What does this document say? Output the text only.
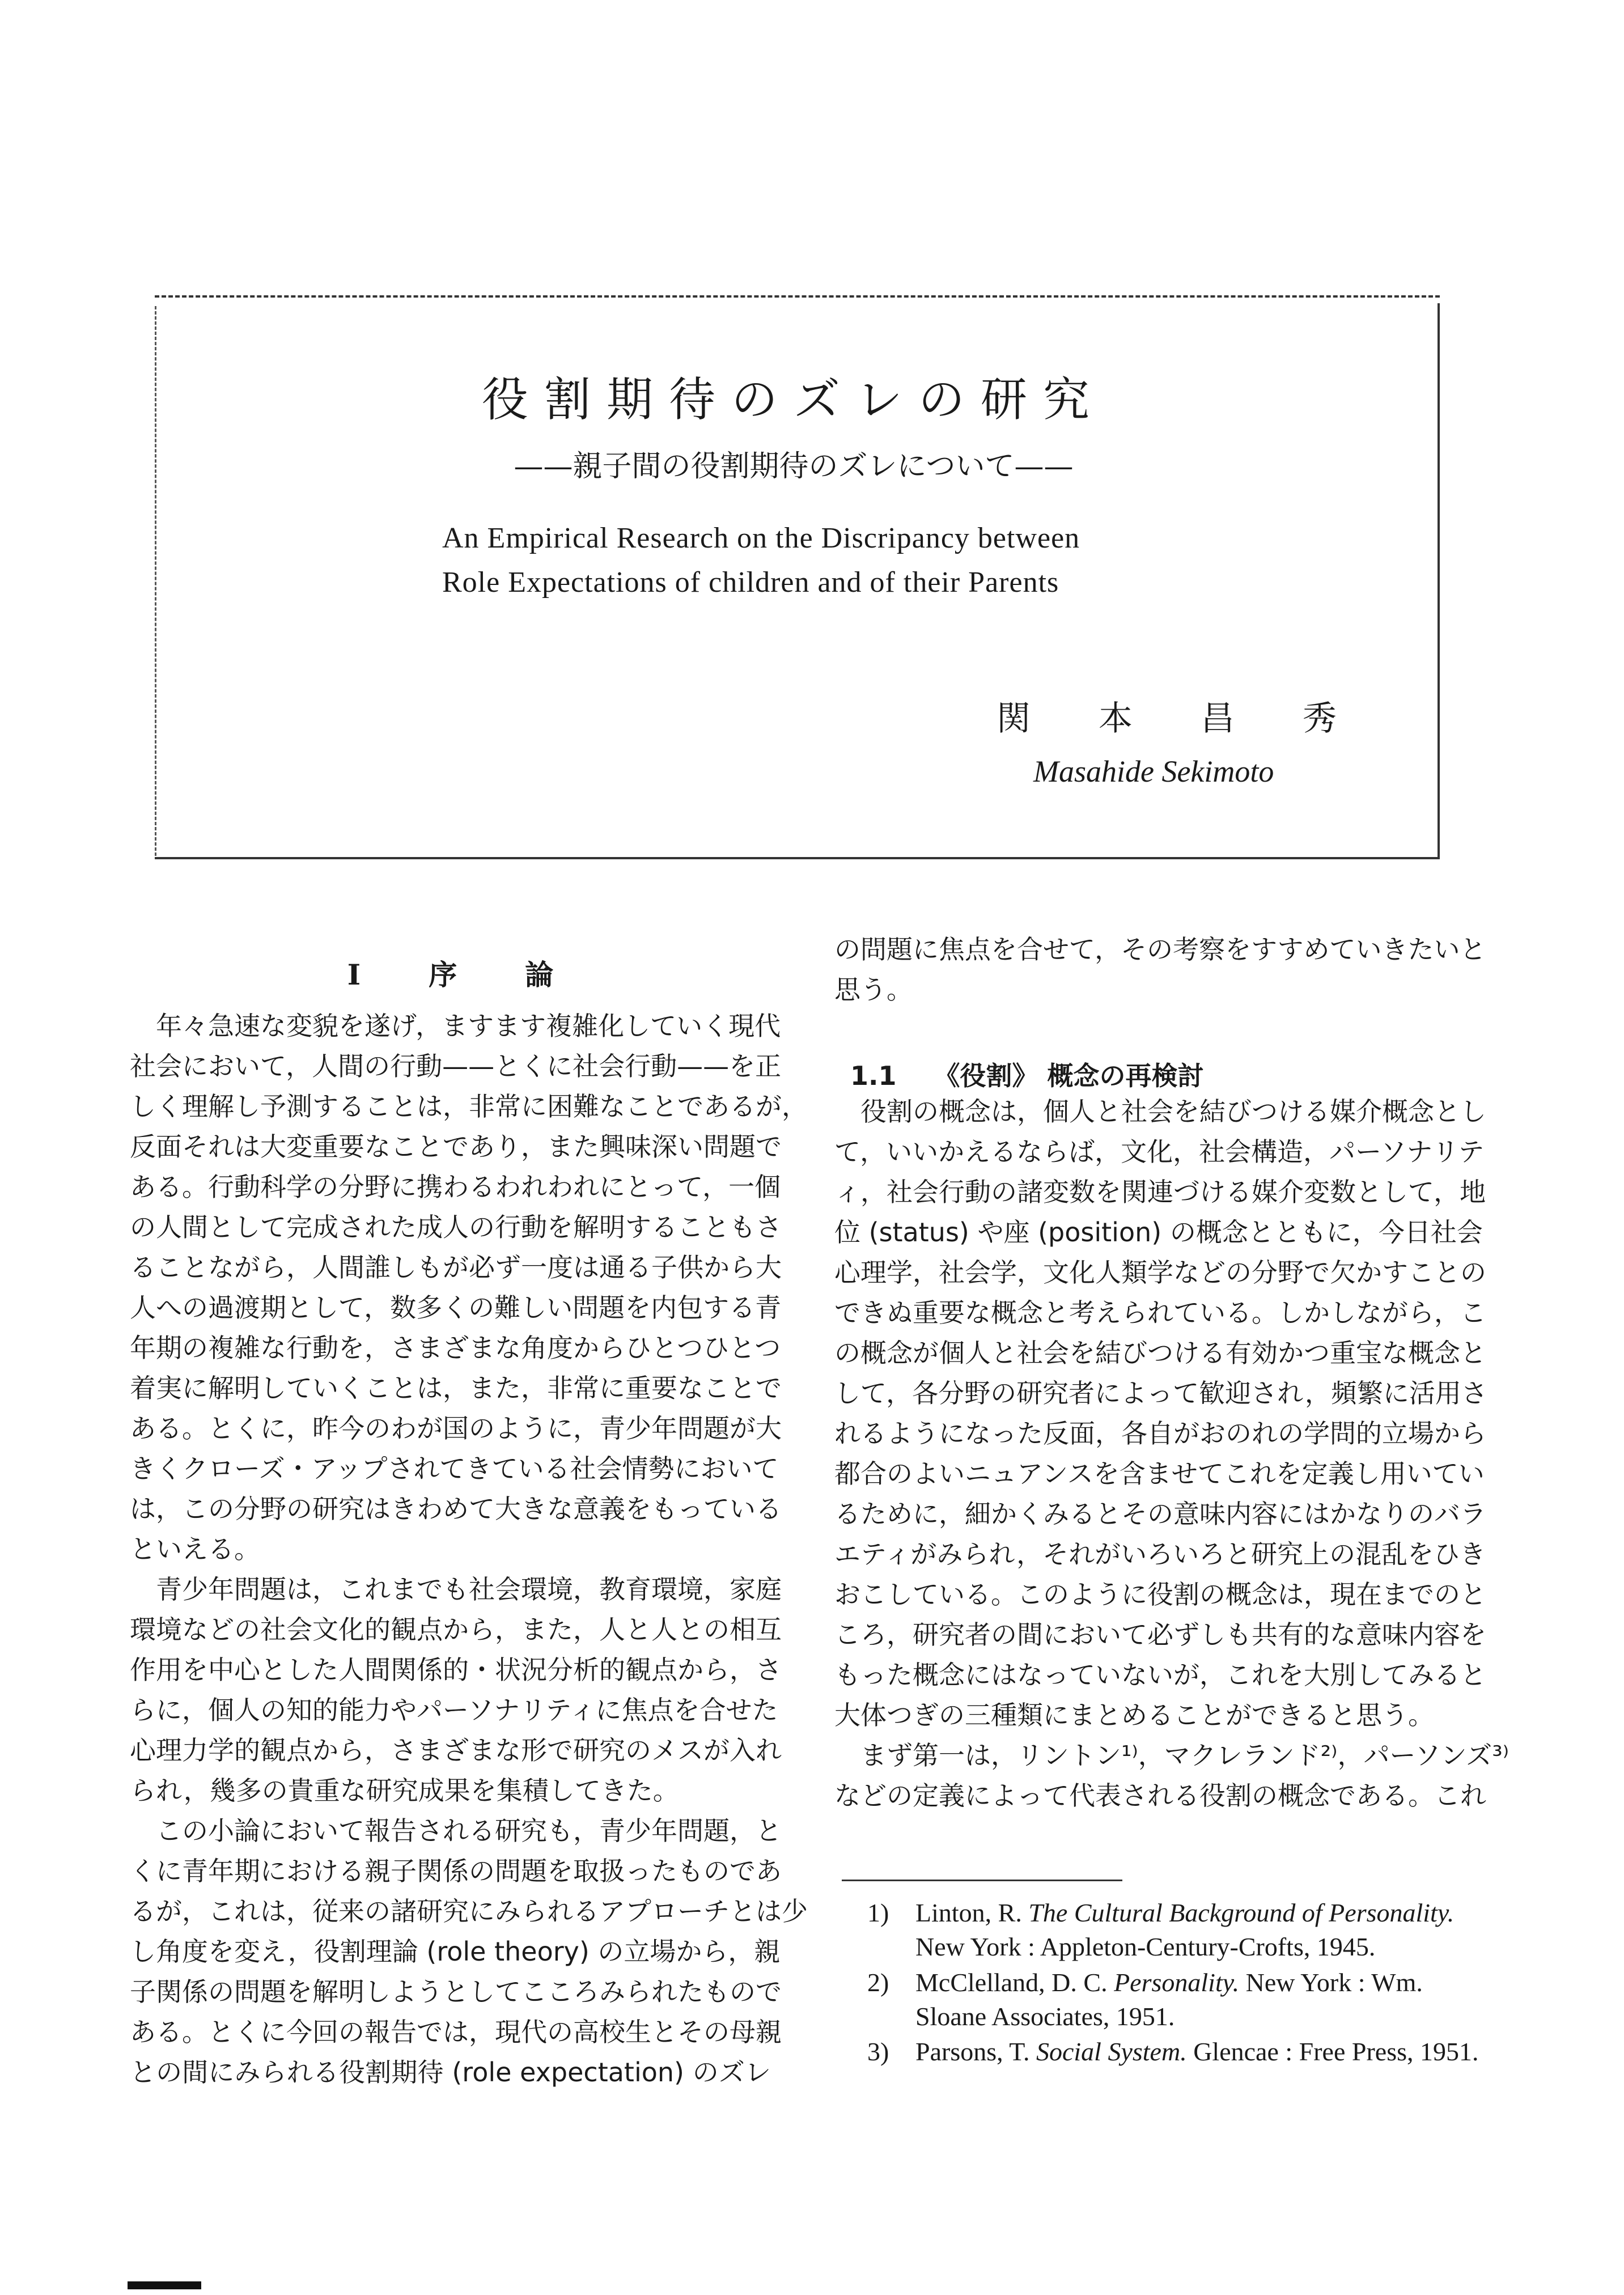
役割期待のズレの研究
——親子間の役割期待のズレについて——
An Empirical Research on the Discripancy between
Role Expectations of children and of their Parents
関 本 昌 秀
Masahide Sekimoto
I 序 論
年々急速な変貌を遂げ，ますます複雑化していく現代
社会において，人間の行動——とくに社会行動——を正
しく理解し予測することは，非常に困難なことであるが，
反面それは大変重要なことであり，また興味深い問題で
ある。行動科学の分野に携わるわれわれにとって，一個
の人間として完成された成人の行動を解明することもさ
ることながら，人間誰しもが必ず一度は通る子供から大
人への過渡期として，数多くの難しい問題を内包する青
年期の複雑な行動を，さまざまな角度からひとつひとつ
着実に解明していくことは，また，非常に重要なことで
ある。とくに，昨今のわが国のように，青少年問題が大
きくクローズ・アップされてきている社会情勢において
は，この分野の研究はきわめて大きな意義をもっている
といえる。
青少年問題は，これまでも社会環境，教育環境，家庭
環境などの社会文化的観点から，また，人と人との相互
作用を中心とした人間関係的・状況分析的観点から，さ
らに，個人の知的能力やパーソナリティに焦点を合せた
心理力学的観点から，さまざまな形で研究のメスが入れ
られ，幾多の貴重な研究成果を集積してきた。
この小論において報告される研究も，青少年問題，と
くに青年期における親子関係の問題を取扱ったものであ
るが，これは，従来の諸研究にみられるアプローチとは少
し角度を変え，役割理論 (role theory) の立場から，親
子関係の問題を解明しようとしてこころみられたもので
ある。とくに今回の報告では，現代の高校生とその母親
との間にみられる役割期待 (role expectation) のズレ
の問題に焦点を合せて，その考察をすすめていきたいと
思う。
1.1 《役割》 概念の再検討
役割の概念は，個人と社会を結びつける媒介概念とし
て，いいかえるならば，文化，社会構造，パーソナリテ
ィ，社会行動の諸変数を関連づける媒介変数として，地
位 (status) や座 (position) の概念とともに，今日社会
心理学，社会学，文化人類学などの分野で欠かすことの
できぬ重要な概念と考えられている。しかしながら，こ
の概念が個人と社会を結びつける有効かつ重宝な概念と
して，各分野の研究者によって歓迎され，頻繁に活用さ
れるようになった反面，各自がおのれの学問的立場から
都合のよいニュアンスを含ませてこれを定義し用いてい
るために，細かくみるとその意味内容にはかなりのバラ
エティがみられ，それがいろいろと研究上の混乱をひき
おこしている。このように役割の概念は，現在までのと
ころ，研究者の間において必ずしも共有的な意味内容を
もった概念にはなっていないが，これを大別してみると
大体つぎの三種類にまとめることができると思う。
まず第一は，リントン¹⁾，マクレランド²⁾，パーソンズ³⁾
などの定義によって代表される役割の概念である。これ
1)	Linton, R. The Cultural Background of Personality. New York : Appleton-Century-Crofts, 1945.
2)	McClelland, D. C. Personality. New York : Wm. Sloane Associates, 1951.
3)	Parsons, T. Social System. Glencae : Free Press, 1951.
